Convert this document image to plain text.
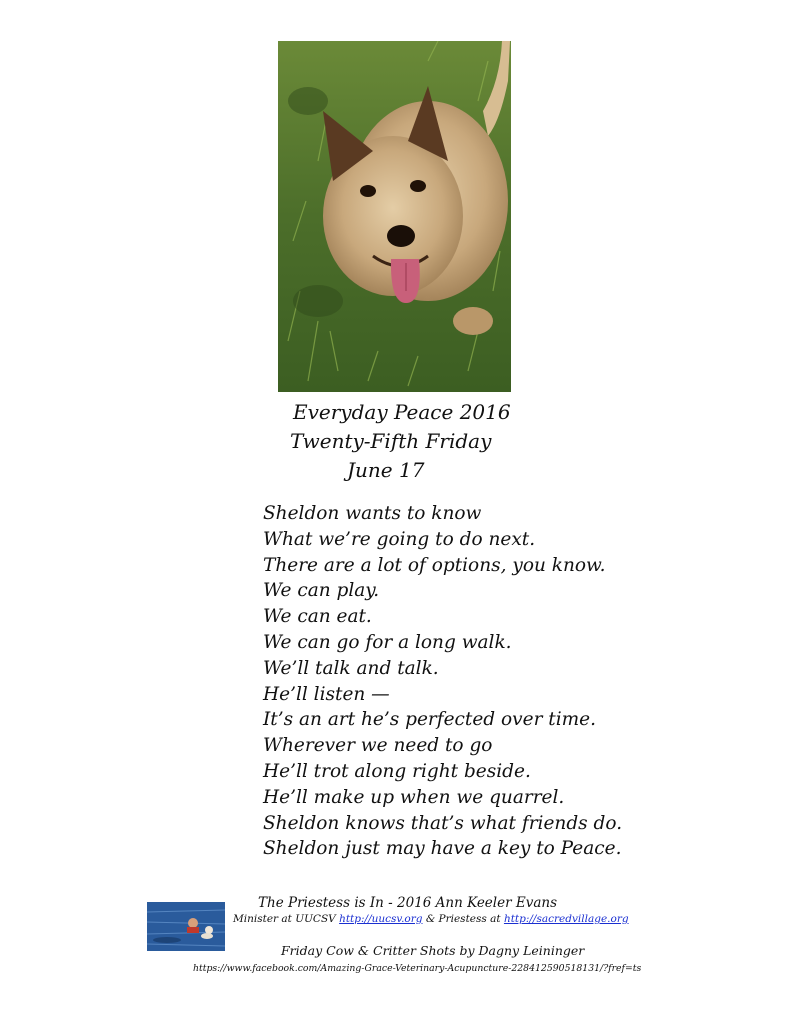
Everyday Peace 2016
Twenty-Fifth Friday
June 17
Sheldon wants to know
What we’re going to do next.
There are a lot of options, you know.
We can play.
We can eat.
We can go for a long walk.
We’ll talk and talk.
He’ll listen —
It’s an art he’s perfected over time.
Wherever we need to go
He’ll trot along right beside.
He’ll make up when we quarrel.
Sheldon knows that’s what friends do.
Sheldon just may have a key to Peace.
The Priestess is In - 2016 Ann Keeler Evans
Minister at UUCSV http://uucsv.org & Priestess at http://sacredvillage.org
Friday Cow & Critter Shots by Dagny Leininger
https://www.facebook.com/Amazing-Grace-Veterinary-Acupuncture-228412590518131/?fref=ts
